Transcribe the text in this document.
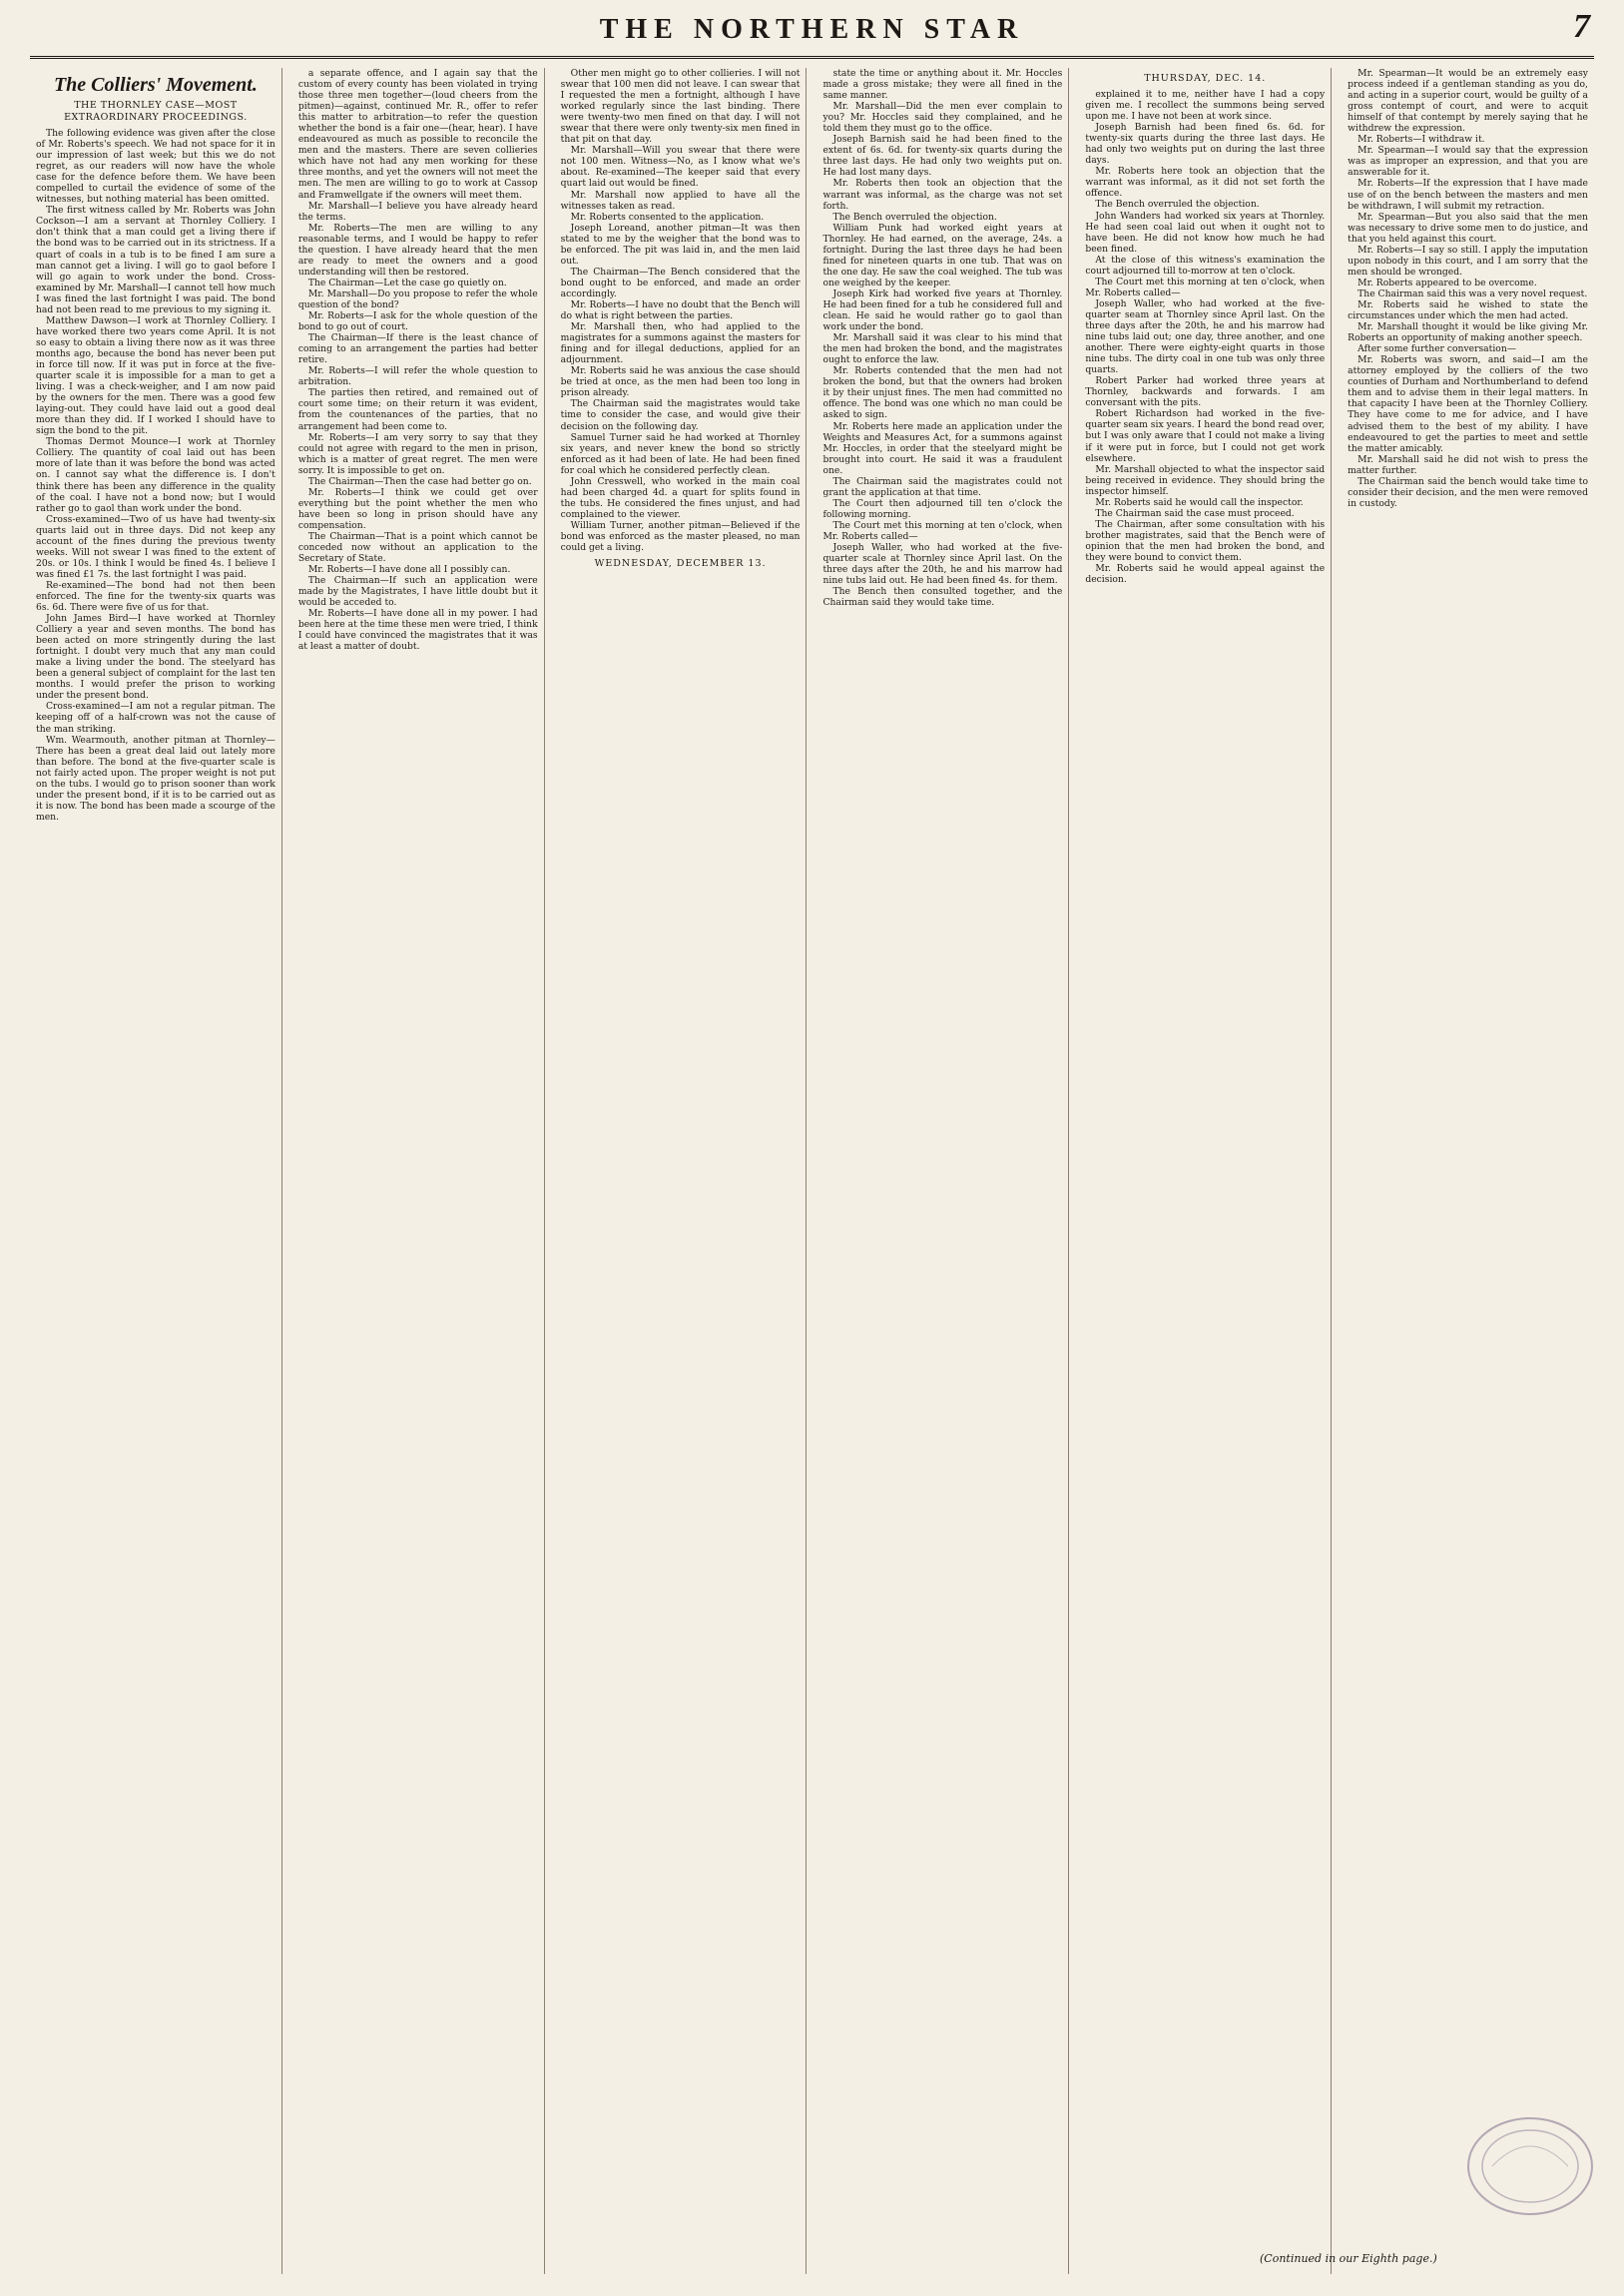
THE NORTHERN STAR	7
The Colliers' Movement.
THE THORNLEY CASE—MOST EXTRAORDINARY PROCEEDINGS.

The following evidence was given after the close of Mr. Roberts's speech. We had not space for it in our impression of last week; but this we do not regret, as our readers will now have the whole case for the defence before them. We have been compelled to curtail the evidence of some of the witnesses, but nothing material has been omitted.

The first witness called by Mr. Roberts was John Cockson—I am a servant at Thornley Colliery. I don't think that a man could get a living there if the bond was to be carried out in its strictness. If a quart of coals in a tub is to be fined I am sure a man cannot get a living. I will go to gaol before I will go again to work under the bond. Cross-examined by Mr. Marshall—I cannot tell how much I was fined the last fortnight I was paid. The bond had not been read to me previous to my signing it.

Matthew Dawson—I work at Thornley Colliery. I have worked there two years come April. It is not so easy to obtain a living there now as it was three months ago, because the bond has never been put in force till now. If it was put in force at the five-quarter scale it is impossible for a man to get a living. I was a check-weigher, and I am now paid by the owners for the men. There was a good few laying-out. They could have laid out a good deal more than they did. If I worked I should have to sign the bond to the pit.

Thomas Dermot Mounce—I work at Thornley Colliery. The quantity of coal laid out has been more of late than it was before the bond was acted on. I cannot say what the difference is. I don't think there has been any difference in the quality of the coal. I have not a bond now; but I would rather go to gaol than work under the bond.

Cross-examined—Two of us have had twenty-six quarts laid out in three days. Did not keep any account of the fines during the previous twenty weeks. Will not swear I was fined to the extent of 20s. or 10s. I think I would be fined 4s. I believe I was fined £1 7s. the last fortnight I was paid.

Re-examined—The bond had not then been enforced. The fine for the twenty-six quarts was 6s. 6d. There were five of us for that.

John James Bird—I have worked at Thornley Colliery a year and seven months. The bond has been acted on more stringently during the last fortnight. I doubt very much that any man could make a living under the bond. The steelyard has been a general subject of complaint for the last ten months. I would prefer the prison to working under the present bond.

Cross-examined—I am not a regular pitman. The keeping off of a half-crown was not the cause of the man striking.

Wm. Wearmouth, another pitman at Thornley—There has been a great deal laid out lately more than before. The bond at the five-quarter scale is not fairly acted upon. The proper weight is not put on the tubs. I would go to prison sooner than work under the present bond, if it is to be carried out as it is now. The bond has been made a scourge of the men.

a separate offence, and I again say that the custom of every county has been violated in trying those three men together—(loud cheers from the pitmen)—against, continued Mr. R., offer to refer this matter to arbitration—to refer the question whether the bond is a fair one—(hear, hear). I have endeavoured as much as possible to reconcile the men and the masters. There are seven collieries which have not had any men working for these three months, and yet the owners will not meet the men. The men are willing to go to work at Cassop and Framwellgate if the owners will meet them.

Mr. Marshall—I believe you have already heard the terms.

Mr. Roberts—The men are willing to any reasonable terms, and I would be happy to refer the question. I have already heard that the men are ready to meet the owners and a good understanding will then be restored.

The Chairman—Let the case go quietly on.

Mr. Marshall—Do you propose to refer the whole question of the bond?

Mr. Roberts—I ask for the whole question of the bond to go out of court.

The Chairman—If there is the least chance of coming to an arrangement the parties had better retire.

Mr. Roberts—I will refer the whole question to arbitration.

The parties then retired, and remained out of court some time; on their return it was evident, from the countenances of the parties, that no arrangement had been come to.

Mr. Roberts—I am very sorry to say that they could not agree with regard to the men in prison, which is a matter of great regret. The men were sorry. It is impossible to get on.

The Chairman—Then the case had better go on.

Mr. Roberts—I think we could get over everything but the point whether the men who have been so long in prison should have any compensation.

The Chairman—That is a point which cannot be conceded now without an application to the Secretary of State.

Mr. Roberts—I have done all I possibly can.

The Chairman—If such an application were made by the Magistrates, I have little doubt but it would be acceded to.

Mr. Roberts—I have done all in my power. I had been here at the time these men were tried, I think I could have convinced the magistrates that it was at least a matter of doubt.

Other men might go to other collieries. I will not swear that 100 men did not leave. I can swear that I requested the men a fortnight, although I have worked regularly since the last binding. There were twenty-two men fined on that day. I will not swear that there were only twenty-six men fined in that pit on that day.

Mr. Marshall—Will you swear that there were not 100 men. Witness—No, as I know what we's about. Re-examined—The keeper said that every quart laid out would be fined.

Mr. Marshall now applied to have all the witnesses taken as read.

Mr. Roberts consented to the application.

Joseph Loreand, another pitman—It was then stated to me by the weigher that the bond was to be enforced. The pit was laid in, and the men laid out.

The Chairman—The Bench considered that the bond ought to be enforced, and made an order accordingly.

Mr. Roberts—I have no doubt that the Bench will do what is right between the parties.

Mr. Marshall then, who had applied to the magistrates for a summons against the masters for fining and for illegal deductions, applied for an adjournment.

Mr. Roberts said he was anxious the case should be tried at once, as the men had been too long in prison already.

The Chairman said the magistrates would take time to consider the case, and would give their decision on the following day.

Samuel Turner said he had worked at Thornley six years, and never knew the bond so strictly enforced as it had been of late. He had been fined for coal which he considered perfectly clean.

John Cresswell, who worked in the main coal had been charged 4d. a quart for splits found in the tubs. He considered the fines unjust, and had complained to the viewer.

William Turner, another pitman—Believed if the bond was enforced as the master pleased, no man could get a living.

WEDNESDAY, DECEMBER 13.

state the time or anything about it. Mr. Hoccles made a gross mistake; they were all fined in the same manner.

Mr. Marshall—Did the men ever complain to you? Mr. Hoccles said they complained, and he told them they must go to the office.

Joseph Barnish said he had been fined to the extent of 6s. 6d. for twenty-six quarts during the three last days. He had only two weights put on. He had lost many days.

Mr. Roberts then took an objection that the warrant was informal, as the charge was not set forth.

The Bench overruled the objection.

William Punk had worked eight years at Thornley. He had earned, on the average, 24s. a fortnight. During the last three days he had been fined for nineteen quarts in one tub. That was on the one day. He saw the coal weighed. The tub was one weighed by the keeper.

Joseph Kirk had worked five years at Thornley. He had been fined for a tub he considered full and clean. He said he would rather go to gaol than work under the bond.

Mr. Marshall said it was clear to his mind that the men had broken the bond, and the magistrates ought to enforce the law.

Mr. Roberts contended that the men had not broken the bond, but that the owners had broken it by their unjust fines. The men had committed no offence. The bond was one which no man could be asked to sign.

Mr. Roberts here made an application under the Weights and Measures Act, for a summons against Mr. Hoccles, in order that the steelyard might be brought into court. He said it was a fraudulent one.

The Chairman said the magistrates could not grant the application at that time.

The Court then adjourned till ten o'clock the following morning.

The Court met this morning at ten o'clock, when Mr. Roberts called—

Joseph Waller, who had worked at the five-quarter scale at Thornley since April last. On the three days after the 20th, he and his marrow had nine tubs laid out. He had been fined 4s. for them.

The Bench then consulted together, and the Chairman said they would take time.

THURSDAY, DEC. 14.

explained it to me, neither have I had a copy given me. I recollect the summons being served upon me. I have not been at work since.

Joseph Barnish had been fined 6s. 6d. for twenty-six quarts during the three last days. He had only two weights put on during the last three days.

Mr. Roberts here took an objection that the warrant was informal, as it did not set forth the offence.

The Bench overruled the objection.

John Wanders had worked six years at Thornley. He had seen coal laid out when it ought not to have been. He did not know how much he had been fined.

At the close of this witness's examination the court adjourned till to-morrow at ten o'clock.

The Court met this morning at ten o'clock, when Mr. Roberts called—

Joseph Waller, who had worked at the five-quarter seam at Thornley since April last. On the three days after the 20th, he and his marrow had nine tubs laid out; one day, three another, and one another. There were eighty-eight quarts in those nine tubs. The dirty coal in one tub was only three quarts.

Robert Parker had worked three years at Thornley, backwards and forwards. I am conversant with the pits.

Robert Richardson had worked in the five-quarter seam six years. I heard the bond read over, but I was only aware that I could not make a living if it were put in force, but I could not get work elsewhere.

Mr. Marshall objected to what the inspector said being received in evidence. They should bring the inspector himself.

Mr. Roberts said he would call the inspector.

The Chairman said the case must proceed.

The Chairman, after some consultation with his brother magistrates, said that the Bench were of opinion that the men had broken the bond, and they were bound to convict them.

Mr. Roberts said he would appeal against the decision.

Mr. Spearman—It would be an extremely easy process indeed if a gentleman standing as you do, and acting in a superior court, would be guilty of a gross contempt of court, and were to acquit himself of that contempt by merely saying that he withdrew the expression.

Mr. Roberts—I withdraw it.

Mr. Spearman—I would say that the expression was as improper an expression, and that you are answerable for it.

Mr. Roberts—If the expression that I have made use of on the bench between the masters and men be withdrawn, I will submit my retraction.

Mr. Spearman—But you also said that the men was necessary to drive some men to do justice, and that you held against this court.

Mr. Roberts—I say so still. I apply the imputation upon nobody in this court, and I am sorry that the men should be wronged.

Mr. Roberts appeared to be overcome.

The Chairman said this was a very novel request.

Mr. Roberts said he wished to state the circumstances under which the men had acted.

Mr. Marshall thought it would be like giving Mr. Roberts an opportunity of making another speech.

After some further conversation—

Mr. Roberts was sworn, and said—I am the attorney employed by the colliers of the two counties of Durham and Northumberland to defend them and to advise them in their legal matters. In that capacity I have been at the Thornley Colliery. They have come to me for advice, and I have advised them to the best of my ability. I have endeavoured to get the parties to meet and settle the matter amicably.

Mr. Marshall said he did not wish to press the matter further.

The Chairman said the bench would take time to consider their decision, and the men were removed in custody.

(Continued in our Eighth page.)
